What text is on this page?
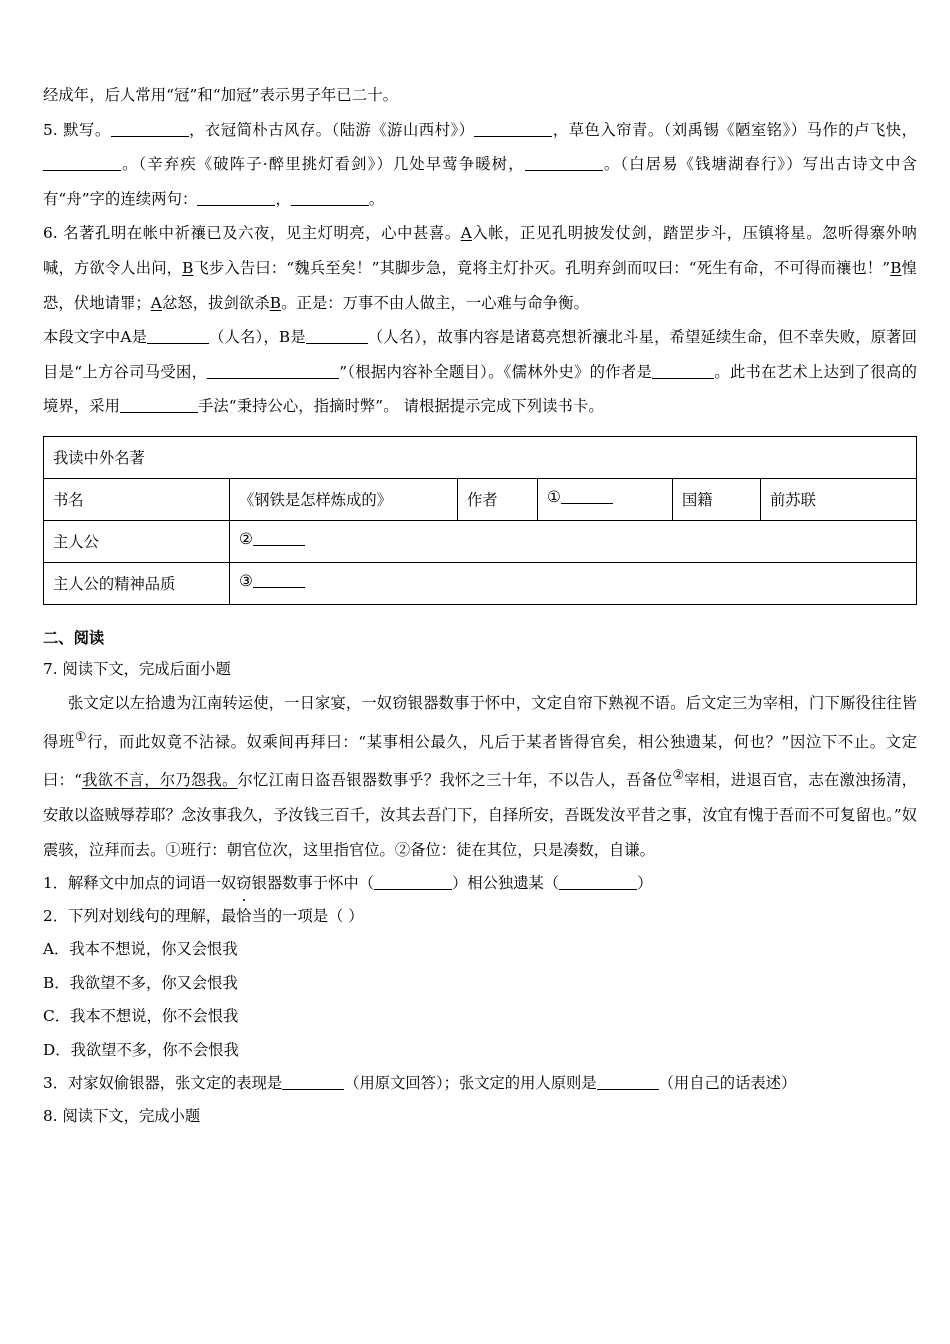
经成年，后人常用“冠”和“加冠”表示男子年已二十。
5. 默写。	，衣冠简朴古风存。（陆游《游山西村》）	，草色入帘青。（刘禹锡《陋室铭》）马作的卢飞快，。（辛弃疾《破阵子·醉里挑灯看剑》）几处早莺争暖树，	。（白居易《钱塘湖春行》）写出古诗文中含有“舟”字的连续两句：	，	。
6. 名著孔明在帐中祈禳已及六夜，见主灯明亮，心中甚喜。A入帐，正见孔明披发仗剑，踏罡步斗，压镇将星。忽听得寨外呐喊，方欲令人出问，B飞步入告曰：“魏兵至矣！”其脚步急，竟将主灯扑灭。孔明弃剑而叹曰：“死生有命，不可得而禳也！”B惶恐，伏地请罪；A忿怒，拔剑欲杀B。正是：万事不由人做主，一心难与命争衡。
本段文字中A是	（人名），B是	（人名），故事内容是诸葛亮想祈禳北斗星，希望延续生命，但不幸失败，原著回目是“上方谷司马受困，	”（根据内容补全题目）。《儒林外史》的作者是	。此书在艺术上达到了很高的境界，采用	手法“秉持公心，指摘时弊”。 请根据提示完成下列读书卡。
我读中外名著					
书名	《钢铁是怎样炼成的》	作者	①	国籍	前苏联
主人公	②				
主人公的精神品质	③				
二、阅读
7. 阅读下文，完成后面小题
张文定以左拾遗为江南转运使，一日家宴，一奴窃银器数事于怀中，文定自帘下熟视不语。后文定三为宰相，门下厮役往往皆得班①行，而此奴竟不沾禄。奴乘间再拜曰：“某事相公最久，凡后于某者皆得官矣，相公独遗某，何也？”因泣下不止。文定曰：“我欲不言，尔乃怨我。尔忆江南日盗吾银器数事乎？我怀之三十年，不以告人，吾备位②宰相，进退百官，志在激浊扬清，安敢以盗贼辱荐耶？念汝事我久，予汝钱三百千，汝其去吾门下，自择所安，吾既发汝平昔之事，汝宜有愧于吾而不可复留也。”奴震骇，泣拜而去。①班行：朝官位次，这里指官位。②备位：徒在其位，只是凑数，自谦。
1．解释文中加点的词语一奴窃银器数事于怀中（	）相公独遗某（	）
2．下列对划线句的理解，最恰当的一项是（ ）
A．我本不想说，你又会恨我
B．我欲望不多，你又会恨我
C．我本不想说，你不会恨我
D．我欲望不多，你不会恨我
3．对家奴偷银器，张文定的表现是	（用原文回答）；张文定的用人原则是	（用自己的话表述）
8. 阅读下文，完成小题
